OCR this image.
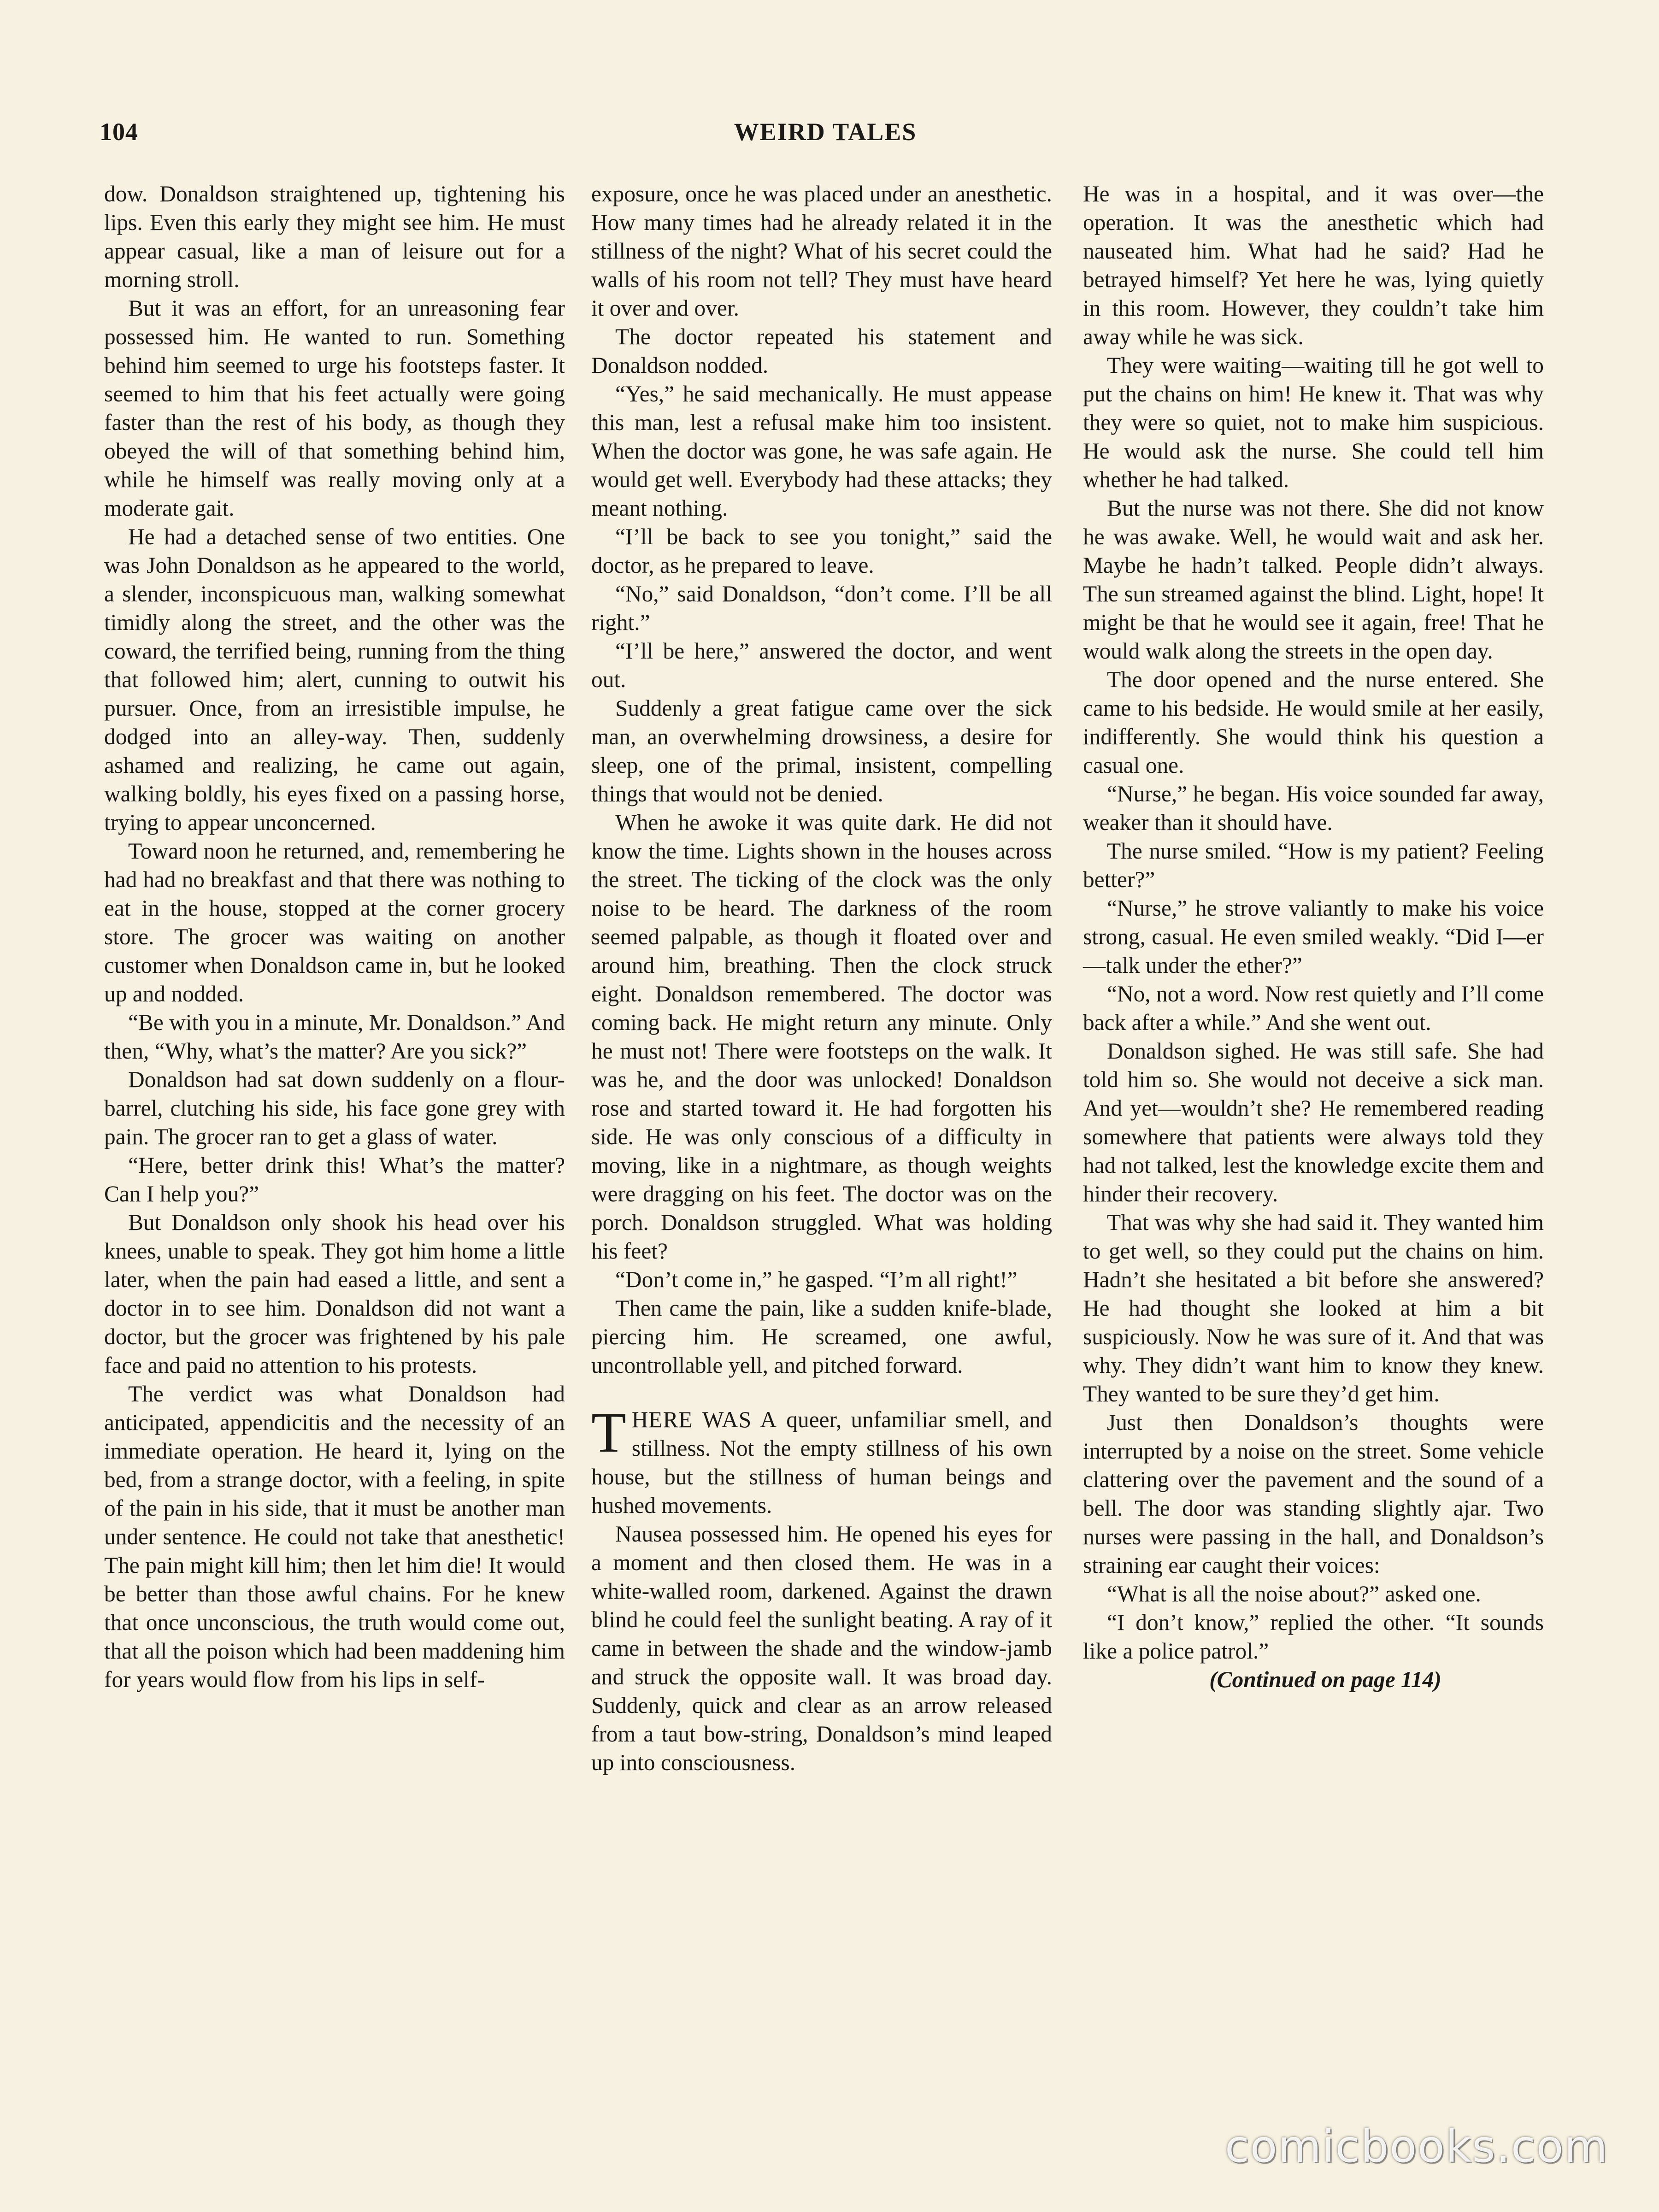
104	WEIRD TALES

dow. Donaldson straightened up, tightening his lips. Even this early they might see him. He must appear casual, like a man of leisure out for a morning stroll.

But it was an effort, for an unreasoning fear possessed him. He wanted to run. Something behind him seemed to urge his footsteps faster. It seemed to him that his feet actually were going faster than the rest of his body, as though they obeyed the will of that something behind him, while he himself was really moving only at a moderate gait.

He had a detached sense of two entities. One was John Donaldson as he appeared to the world, a slender, inconspicuous man, walking somewhat timidly along the street, and the other was the coward, the terrified being, running from the thing that followed him; alert, cunning to outwit his pursuer. Once, from an irresistible impulse, he dodged into an alley-way. Then, suddenly ashamed and realizing, he came out again, walking boldly, his eyes fixed on a passing horse, trying to appear unconcerned.

Toward noon he returned, and, remembering he had had no breakfast and that there was nothing to eat in the house, stopped at the corner grocery store. The grocer was waiting on another customer when Donaldson came in, but he looked up and nodded.

“Be with you in a minute, Mr. Donaldson.” And then, “Why, what’s the matter? Are you sick?”

Donaldson had sat down suddenly on a flour-barrel, clutching his side, his face gone grey with pain. The grocer ran to get a glass of water.

“Here, better drink this! What’s the matter? Can I help you?”

But Donaldson only shook his head over his knees, unable to speak. They got him home a little later, when the pain had eased a little, and sent a doctor in to see him. Donaldson did not want a doctor, but the grocer was frightened by his pale face and paid no attention to his protests.

The verdict was what Donaldson had anticipated, appendicitis and the necessity of an immediate operation. He heard it, lying on the bed, from a strange doctor, with a feeling, in spite of the pain in his side, that it must be another man under sentence. He could not take that anesthetic! The pain might kill him; then let him die! It would be better than those awful chains. For he knew that once unconscious, the truth would come out, that all the poison which had been maddening him for years would flow from his lips in self-

exposure, once he was placed under an anesthetic. How many times had he already related it in the stillness of the night? What of his secret could the walls of his room not tell? They must have heard it over and over.

The doctor repeated his statement and Donaldson nodded.

“Yes,” he said mechanically. He must appease this man, lest a refusal make him too insistent. When the doctor was gone, he was safe again. He would get well. Everybody had these attacks; they meant nothing.

“I’ll be back to see you tonight,” said the doctor, as he prepared to leave.

“No,” said Donaldson, “don’t come. I’ll be all right.”

“I’ll be here,” answered the doctor, and went out.

Suddenly a great fatigue came over the sick man, an overwhelming drowsiness, a desire for sleep, one of the primal, insistent, compelling things that would not be denied.

When he awoke it was quite dark. He did not know the time. Lights shown in the houses across the street. The ticking of the clock was the only noise to be heard. The darkness of the room seemed palpable, as though it floated over and around him, breathing. Then the clock struck eight. Donaldson remembered. The doctor was coming back. He might return any minute. Only he must not! There were footsteps on the walk. It was he, and the door was unlocked! Donaldson rose and started toward it. He had forgotten his side. He was only conscious of a difficulty in moving, like in a nightmare, as though weights were dragging on his feet. The doctor was on the porch. Donaldson struggled. What was holding his feet?

“Don’t come in,” he gasped. “I’m all right!”

Then came the pain, like a sudden knife-blade, piercing him. He screamed, one awful, uncontrollable yell, and pitched forward.

THERE WAS A queer, unfamiliar smell, and stillness. Not the empty stillness of his own house, but the stillness of human beings and hushed movements.

Nausea possessed him. He opened his eyes for a moment and then closed them. He was in a white-walled room, darkened. Against the drawn blind he could feel the sunlight beating. A ray of it came in between the shade and the window-jamb and struck the opposite wall. It was broad day. Suddenly, quick and clear as an arrow released from a taut bow-string, Donaldson’s mind leaped up into consciousness.

He was in a hospital, and it was over—the operation. It was the anesthetic which had nauseated him. What had he said? Had he betrayed himself? Yet here he was, lying quietly in this room. However, they couldn’t take him away while he was sick.

They were waiting—waiting till he got well to put the chains on him! He knew it. That was why they were so quiet, not to make him suspicious. He would ask the nurse. She could tell him whether he had talked.

But the nurse was not there. She did not know he was awake. Well, he would wait and ask her. Maybe he hadn’t talked. People didn’t always. The sun streamed against the blind. Light, hope! It might be that he would see it again, free! That he would walk along the streets in the open day.

The door opened and the nurse entered. She came to his bedside. He would smile at her easily, indifferently. She would think his question a casual one.

“Nurse,” he began. His voice sounded far away, weaker than it should have.

The nurse smiled. “How is my patient? Feeling better?”

“Nurse,” he strove valiantly to make his voice strong, casual. He even smiled weakly. “Did I—er—talk under the ether?”

“No, not a word. Now rest quietly and I’ll come back after a while.” And she went out.

Donaldson sighed. He was still safe. She had told him so. She would not deceive a sick man. And yet—wouldn’t she? He remembered reading somewhere that patients were always told they had not talked, lest the knowledge excite them and hinder their recovery.

That was why she had said it. They wanted him to get well, so they could put the chains on him. Hadn’t she hesitated a bit before she answered? He had thought she looked at him a bit suspiciously. Now he was sure of it. And that was why. They didn’t want him to know they knew. They wanted to be sure they’d get him.

Just then Donaldson’s thoughts were interrupted by a noise on the street. Some vehicle clattering over the pavement and the sound of a bell. The door was standing slightly ajar. Two nurses were passing in the hall, and Donaldson’s straining ear caught their voices:

“What is all the noise about?” asked one.

“I don’t know,” replied the other. “It sounds like a police patrol.”

(Continued on page 114)

comicbooks.com
